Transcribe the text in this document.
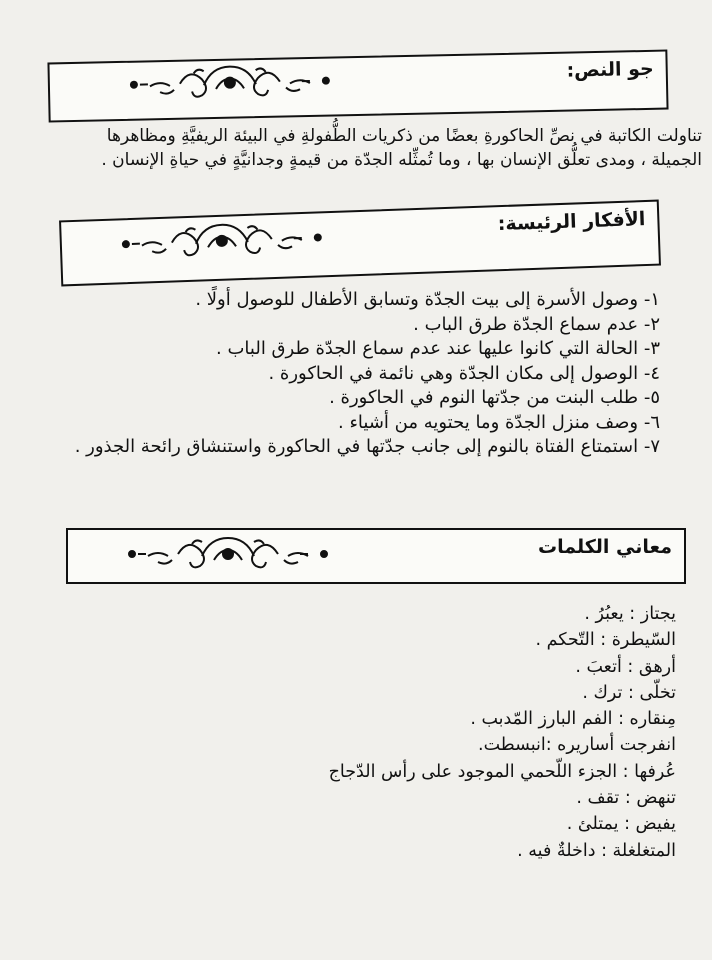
جو النص:
تناولت الكاتبة في نصِّ الحاكورةِ بعضًا من ذكريات الطُّفولةِ في البيئة الريفيَّةِ ومظاهرها
الجميلة ، ومدى تعلُّق الإنسان بها ، وما تُمثِّله الجدّة من قيمةٍ وجدانيَّةٍ في حياةِ الإنسان .
الأفكار الرئيسة:
١- وصول الأسرة إلى بيت الجدّة وتسابق الأطفال للوصول أولًا .
٢- عدم سماع الجدّة طرق الباب .
٣- الحالة التي كانوا عليها عند عدم سماع الجدّة طرق الباب .
٤- الوصول إلى مكان الجدّة وهي نائمة في الحاكورة .
٥- طلب البنت من جدّتها النوم في الحاكورة .
٦- وصف منزل الجدّة وما يحتويه من أشياء .
٧- استمتاع الفتاة بالنوم إلى جانب جدّتها في الحاكورة واستنشاق رائحة الجذور .
معاني الكلمات
يجتاز : يعبُرُ .
السّيطرة : التّحكم .
أرهق : أتعبَ .
تخلّى : ترك .
مِنقاره : الفم البارز المّدبب .
انفرجت أساريره :انبسطت.
عُرفها : الجزء اللّحمي الموجود على رأس الدّجاج
تنهض : تقف .
يفيض : يمتلئ .
المتغلغلة : داخلةٌ فيه .
